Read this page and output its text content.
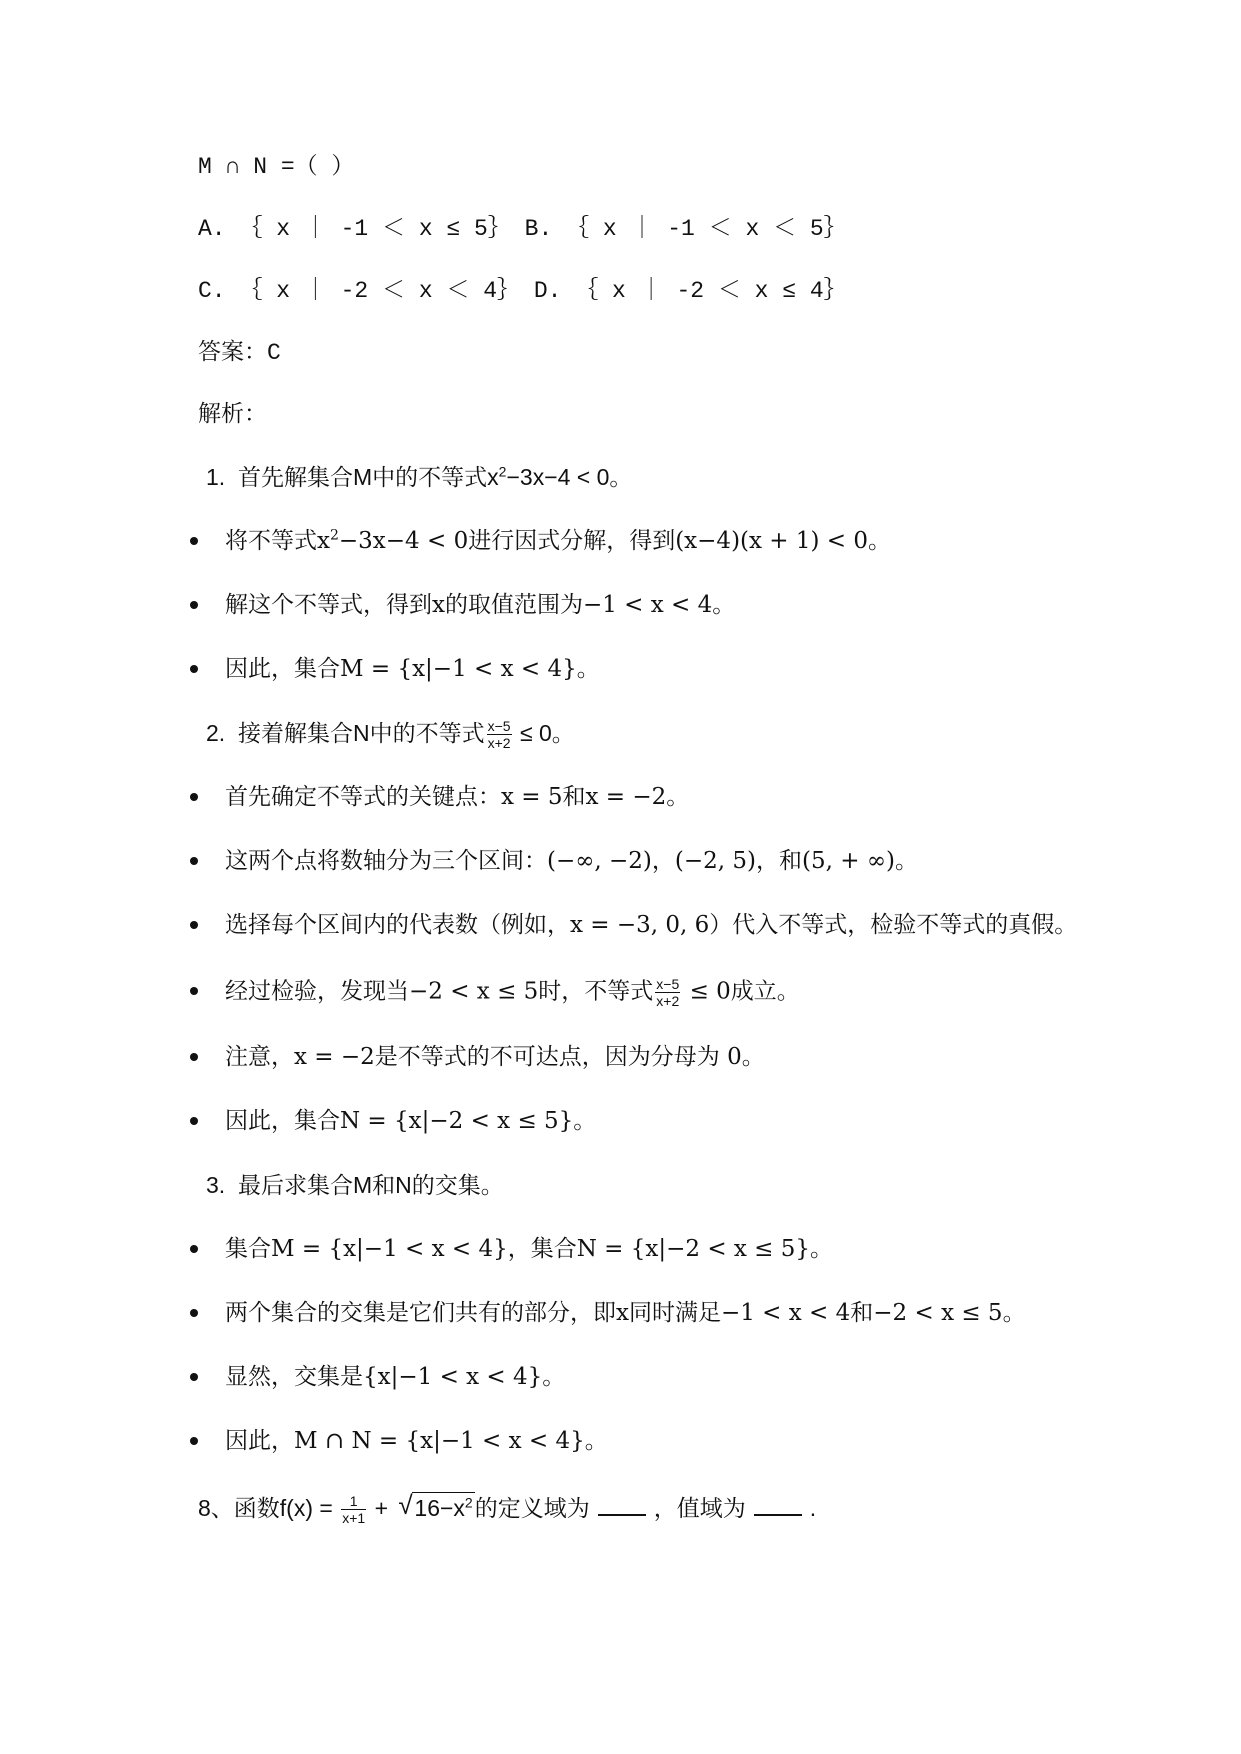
M ∩ N =（ ）
A. ｛ x ｜ -1 ＜ x ≤ 5｝ B. ｛ x ｜ -1 ＜ x ＜ 5｝
C. ｛ x ｜ -2 ＜ x ＜ 4｝ D. ｛ x ｜ -2 ＜ x ≤ 4｝
答案：C
解析：
1. 首先解集合M中的不等式$x^2-3x-4 < 0$。
将不等式$x^2-3x-4 < 0$进行因式分解，得到(x−4)(x + 1) < 0。
解这个不等式，得到x的取值范围为−1 < x < 4。
因此，集合M = {x|−1 < x < 4}。
2. 接着解集合N中的不等式 $\frac{x-5}{x+2} \le 0$。
首先确定不等式的关键点：x = 5和x = −2。
这两个点将数轴分为三个区间：(−∞, −2)，(−2, 5)，和(5, + ∞)。
选择每个区间内的代表数（例如，x = −3, 0, 6）代入不等式，检验不等式的真假。
经过检验，发现当−2 < x ≤ 5时，不等式 $\frac{x-5}{x+2} \le 0$成立。
注意，x = −2是不等式的不可达点，因为分母为 0。
因此，集合N = {x|−2 < x ≤ 5}。
3. 最后求集合M和N的交集。
集合M = {x|−1 < x < 4}，集合N = {x|−2 < x ≤ 5}。
两个集合的交集是它们共有的部分，即x同时满足−1 < x < 4和−2 < x ≤ 5。
显然，交集是{x|−1 < x < 4}。
因此，M ∩ N = {x|−1 < x < 4}。
8、函数$f(x) = \frac{1}{x+1}$ + √ $16-x^2$的定义域为	，值域为	.
